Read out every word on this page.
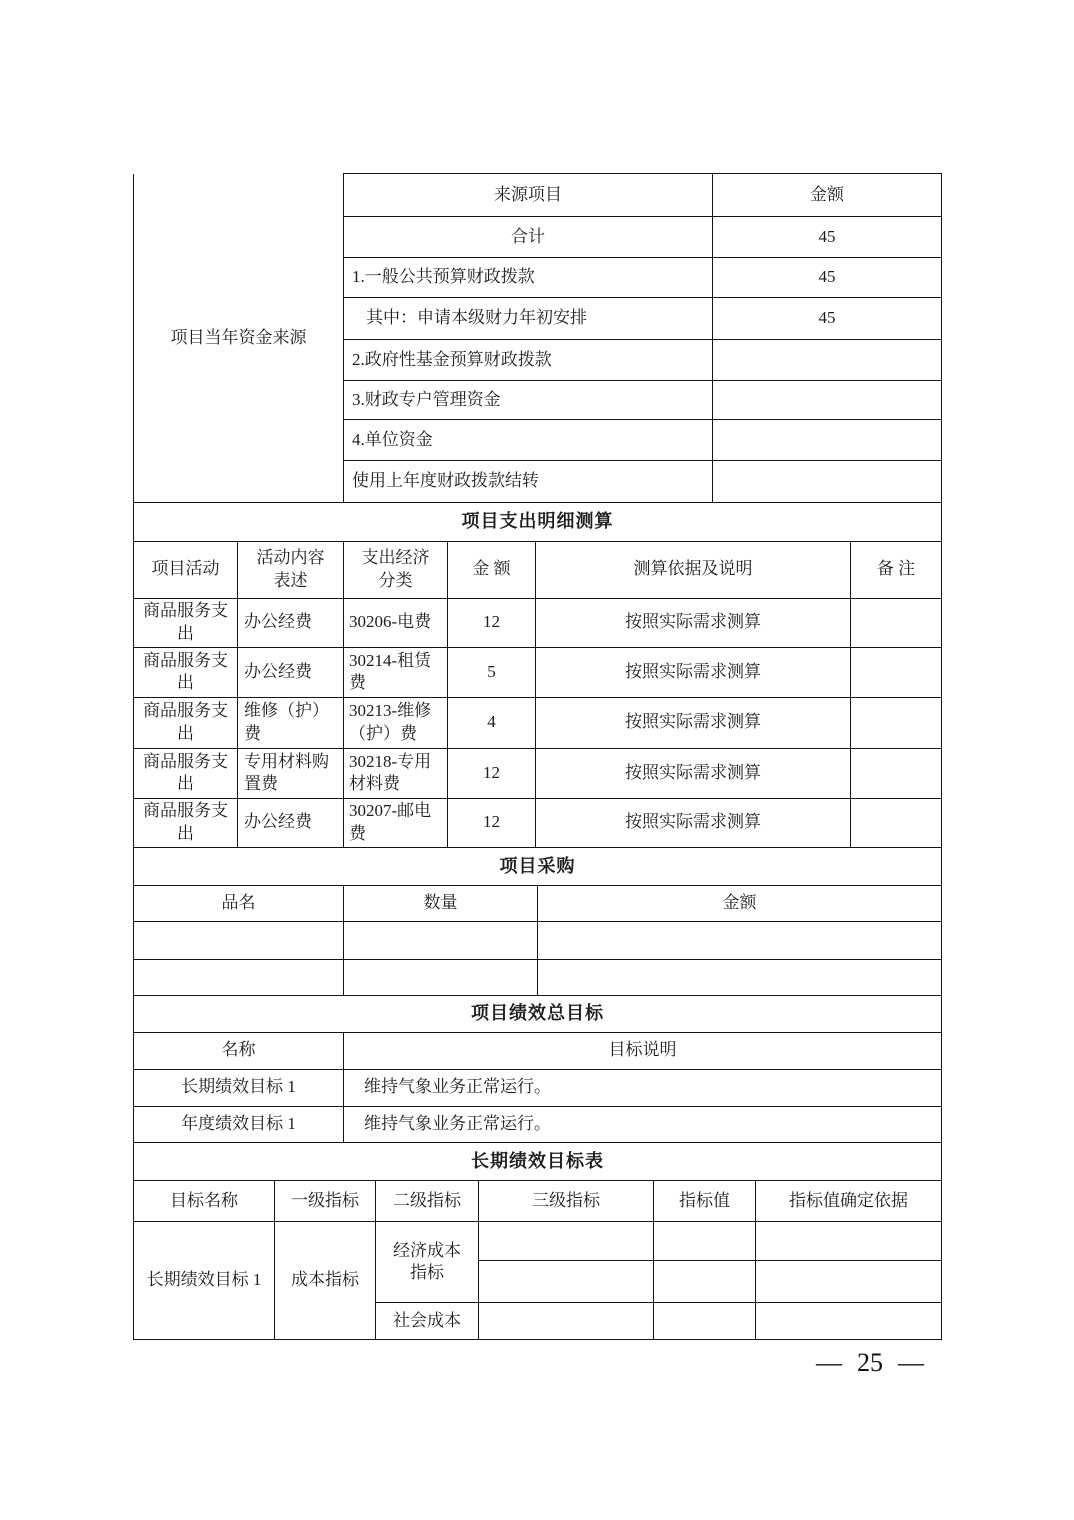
项目当年资金来源	来源项目	金额
	合计	45
	1.一般公共预算财政拨款	45
	其中：申请本级财力年初安排	45
	2.政府性基金预算财政拨款	
	3.财政专户管理资金	
	4.单位资金	
	使用上年度财政拨款结转	
项目支出明细测算					
项目活动	活动内容表述	支出经济分类	金 额	测算依据及说明	备 注
商品服务支出	办公经费	30206-电费	12	按照实际需求测算	
商品服务支出	办公经费	30214-租赁费	5	按照实际需求测算	
商品服务支出	维修（护）费	30213-维修（护）费	4	按照实际需求测算	
商品服务支出	专用材料购置费	30218-专用材料费	12	按照实际需求测算	
商品服务支出	办公经费	30207-邮电费	12	按照实际需求测算	
项目采购		
品名	数量	金额

项目绩效总目标	
名称	目标说明
长期绩效目标 1	维持气象业务正常运行。
年度绩效目标 1	维持气象业务正常运行。
长期绩效目标表					
目标名称	一级指标	二级指标	三级指标	指标值	指标值确定依据
长期绩效目标 1	成本指标	经济成本指标			

		社会成本			
— 25 —
